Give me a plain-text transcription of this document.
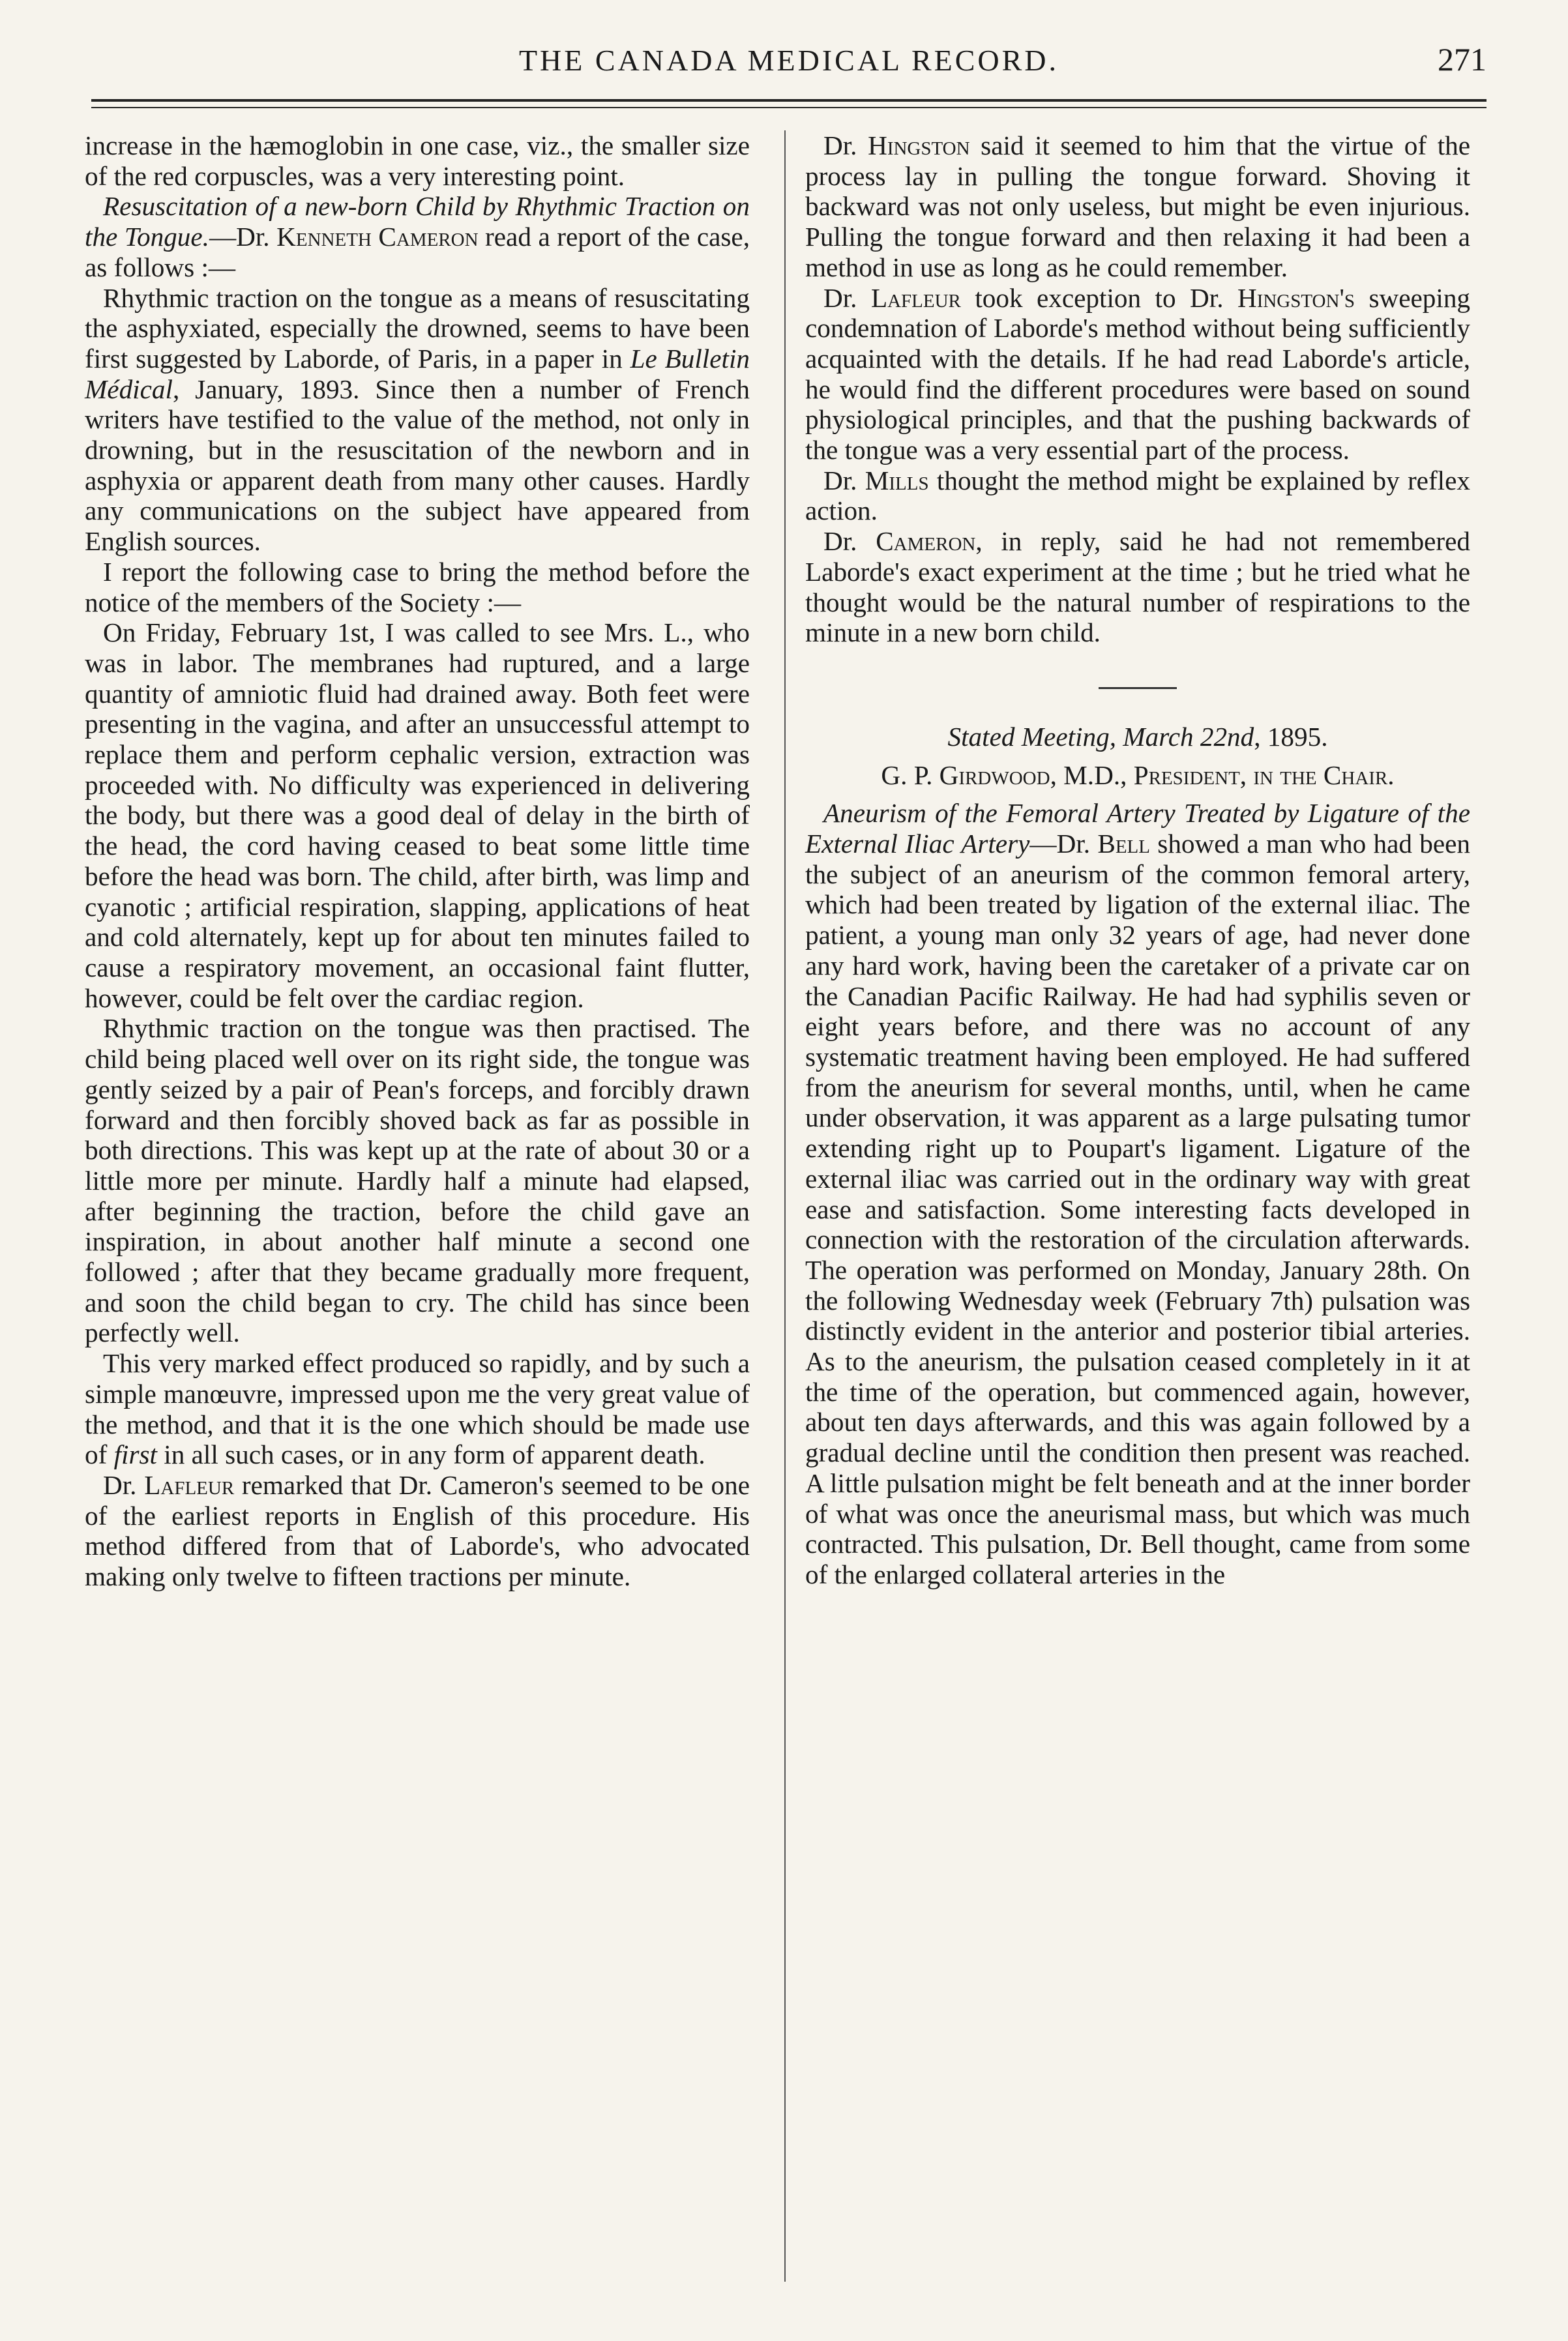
THE CANADA MEDICAL RECORD.	271

increase in the hæmoglobin in one case, viz., the smaller size of the red corpuscles, was a very interesting point.

Resuscitation of a new-born Child by Rhythmic Traction on the Tongue.—Dr. Kenneth Cameron read a report of the case, as follows :—

Rhythmic traction on the tongue as a means of resuscitating the asphyxiated, especially the drowned, seems to have been first suggested by Laborde, of Paris, in a paper in Le Bulletin Médical, January, 1893. Since then a number of French writers have testified to the value of the method, not only in drowning, but in the resuscitation of the newborn and in asphyxia or apparent death from many other causes. Hardly any communications on the subject have appeared from English sources.

I report the following case to bring the method before the notice of the members of the Society :—

On Friday, February 1st, I was called to see Mrs. L., who was in labor. The membranes had ruptured, and a large quantity of amniotic fluid had drained away. Both feet were presenting in the vagina, and after an unsuccessful attempt to replace them and perform cephalic version, extraction was proceeded with. No difficulty was experienced in delivering the body, but there was a good deal of delay in the birth of the head, the cord having ceased to beat some little time before the head was born. The child, after birth, was limp and cyanotic ; artificial respiration, slapping, applications of heat and cold alternately, kept up for about ten minutes failed to cause a respiratory movement, an occasional faint flutter, however, could be felt over the cardiac region.

Rhythmic traction on the tongue was then practised. The child being placed well over on its right side, the tongue was gently seized by a pair of Pean's forceps, and forcibly drawn forward and then forcibly shoved back as far as possible in both directions. This was kept up at the rate of about 30 or a little more per minute. Hardly half a minute had elapsed, after beginning the traction, before the child gave an inspiration, in about another half minute a second one followed ; after that they became gradually more frequent, and soon the child began to cry. The child has since been perfectly well.

This very marked effect produced so rapidly, and by such a simple manœuvre, impressed upon me the very great value of the method, and that it is the one which should be made use of first in all such cases, or in any form of apparent death.

Dr. Lafleur remarked that Dr. Cameron's seemed to be one of the earliest reports in English of this procedure. His method differed from that of Laborde's, who advocated making only twelve to fifteen tractions per minute.

Dr. Hingston said it seemed to him that the virtue of the process lay in pulling the tongue forward. Shoving it backward was not only useless, but might be even injurious. Pulling the tongue forward and then relaxing it had been a method in use as long as he could remember.

Dr. Lafleur took exception to Dr. Hingston's sweeping condemnation of Laborde's method without being sufficiently acquainted with the details. If he had read Laborde's article, he would find the different procedures were based on sound physiological principles, and that the pushing backwards of the tongue was a very essential part of the process.

Dr. Mills thought the method might be explained by reflex action.

Dr. Cameron, in reply, said he had not remembered Laborde's exact experiment at the time ; but he tried what he thought would be the natural number of respirations to the minute in a new born child.

Stated Meeting, March 22nd, 1895.

G. P. Girdwood, M.D., President, in the Chair.

Aneurism of the Femoral Artery Treated by Ligature of the External Iliac Artery—Dr. Bell showed a man who had been the subject of an aneurism of the common femoral artery, which had been treated by ligation of the external iliac. The patient, a young man only 32 years of age, had never done any hard work, having been the caretaker of a private car on the Canadian Pacific Railway. He had had syphilis seven or eight years before, and there was no account of any systematic treatment having been employed. He had suffered from the aneurism for several months, until, when he came under observation, it was apparent as a large pulsating tumor extending right up to Poupart's ligament. Ligature of the external iliac was carried out in the ordinary way with great ease and satisfaction. Some interesting facts developed in connection with the restoration of the circulation afterwards. The operation was performed on Monday, January 28th. On the following Wednesday week (February 7th) pulsation was distinctly evident in the anterior and posterior tibial arteries. As to the aneurism, the pulsation ceased completely in it at the time of the operation, but commenced again, however, about ten days afterwards, and this was again followed by a gradual decline until the condition then present was reached. A little pulsation might be felt beneath and at the inner border of what was once the aneurismal mass, but which was much contracted. This pulsation, Dr. Bell thought, came from some of the enlarged collateral arteries in the
